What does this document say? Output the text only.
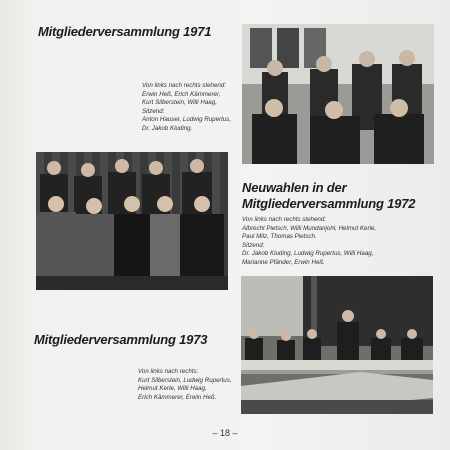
Mitgliederversammlung 1971
Von links nach rechts stehend:
Erwin Heß, Erich Kämmerer,
Kurt Silberstein, Willi Haag,
Sitzend:
Anton Hauser, Ludwig Rupertus,
Dr. Jakob Kluding.
Neuwahlen in der
Mitgliederversammlung 1972
Von links nach rechts stehend:
Albrecht Pietsch, Willi Mundanjohl, Helmut Kerle,
Paul Milz, Thomas Pietsch.
Sitzend:
Dr. Jakob Kluding, Ludwig Rupertus, Willi Haag,
Marianne Pfänder, Erwin Heß.
Mitgliederversammlung 1973
Von links nach rechts:
Kurt Silberstein, Ludwig Rupertus,
Helmut Kerle, Willi Haag,
Erich Kämmerer, Erwin Heß.
– 18 –
